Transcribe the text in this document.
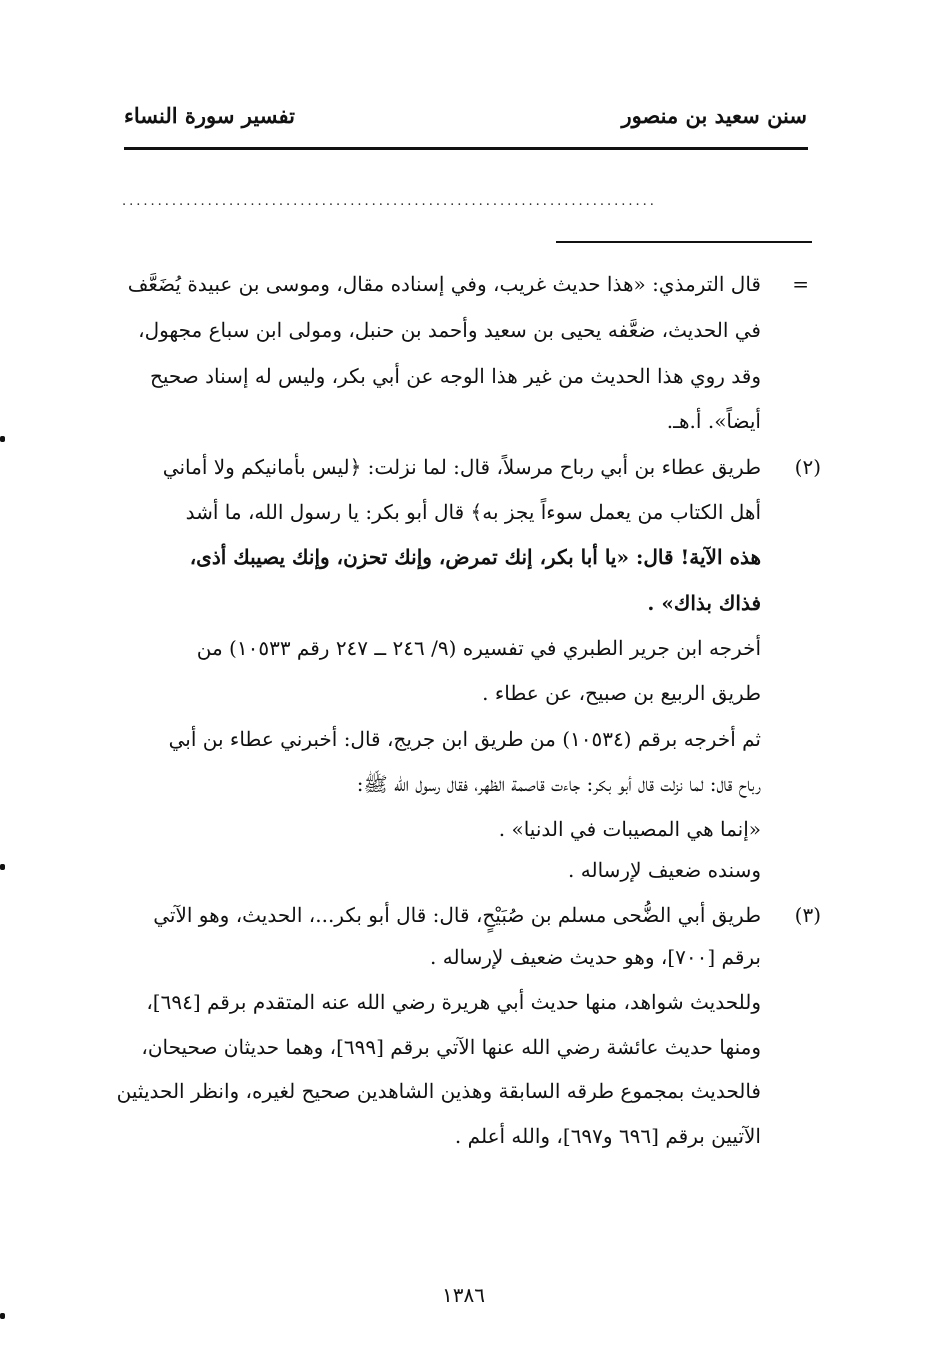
سنن سعيد بن منصور
تفسير سورة النساء
...........................................................................
=
قال الترمذي: «هذا حديث غريب، وفي إسناده مقال، وموسى بن عبيدة يُضَعَّف
في الحديث، ضعَّفه يحيى بن سعيد وأحمد بن حنبل، ومولى ابن سباع مجهول،
وقد روي هذا الحديث من غير هذا الوجه عن أبي بكر، وليس له إسناد صحيح
أيضاً». أ.هـ.
(٢)
طريق عطاء بن أبي رباح مرسلاً، قال: لما نزلت: ﴿ليس بأمانيكم ولا أماني
أهل الكتاب من يعمل سوءاً يجز به﴾ قال أبو بكر: يا رسول الله، ما أشد
هذه الآية! قال: «يا أبا بكر، إنك تمرض، وإنك تحزن، وإنك يصيبك أذى،
فذاك بذاك» .
أخرجه ابن جرير الطبري في تفسيره (٩/ ٢٤٦ ــ ٢٤٧ رقم ١٠٥٣٣) من
طريق الربيع بن صبيح، عن عطاء .
ثم أخرجه برقم (١٠٥٣٤) من طريق ابن جريج، قال: أخبرني عطاء بن أبي
رباح قال: لما نزلت قال أبو بكر: جاءت قاصمة الظهر، فقال رسول الله ﷺ:
«إنما هي المصيبات في الدنيا» .
وسنده ضعيف لإرساله .
(٣)
طريق أبي الضُّحى مسلم بن صُبَيْحٍ، قال: قال أبو بكر...، الحديث، وهو الآتي
برقم [٧٠٠]، وهو حديث ضعيف لإرساله .
وللحديث شواهد، منها حديث أبي هريرة رضي الله عنه المتقدم برقم [٦٩٤]،
ومنها حديث عائشة رضي الله عنها الآتي برقم [٦٩٩]، وهما حديثان صحيحان،
فالحديث بمجموع طرقه السابقة وهذين الشاهدين صحيح لغيره، وانظر الحديثين
الآتيين برقم [٦٩٦ و٦٩٧]، والله أعلم .
١٣٨٦
